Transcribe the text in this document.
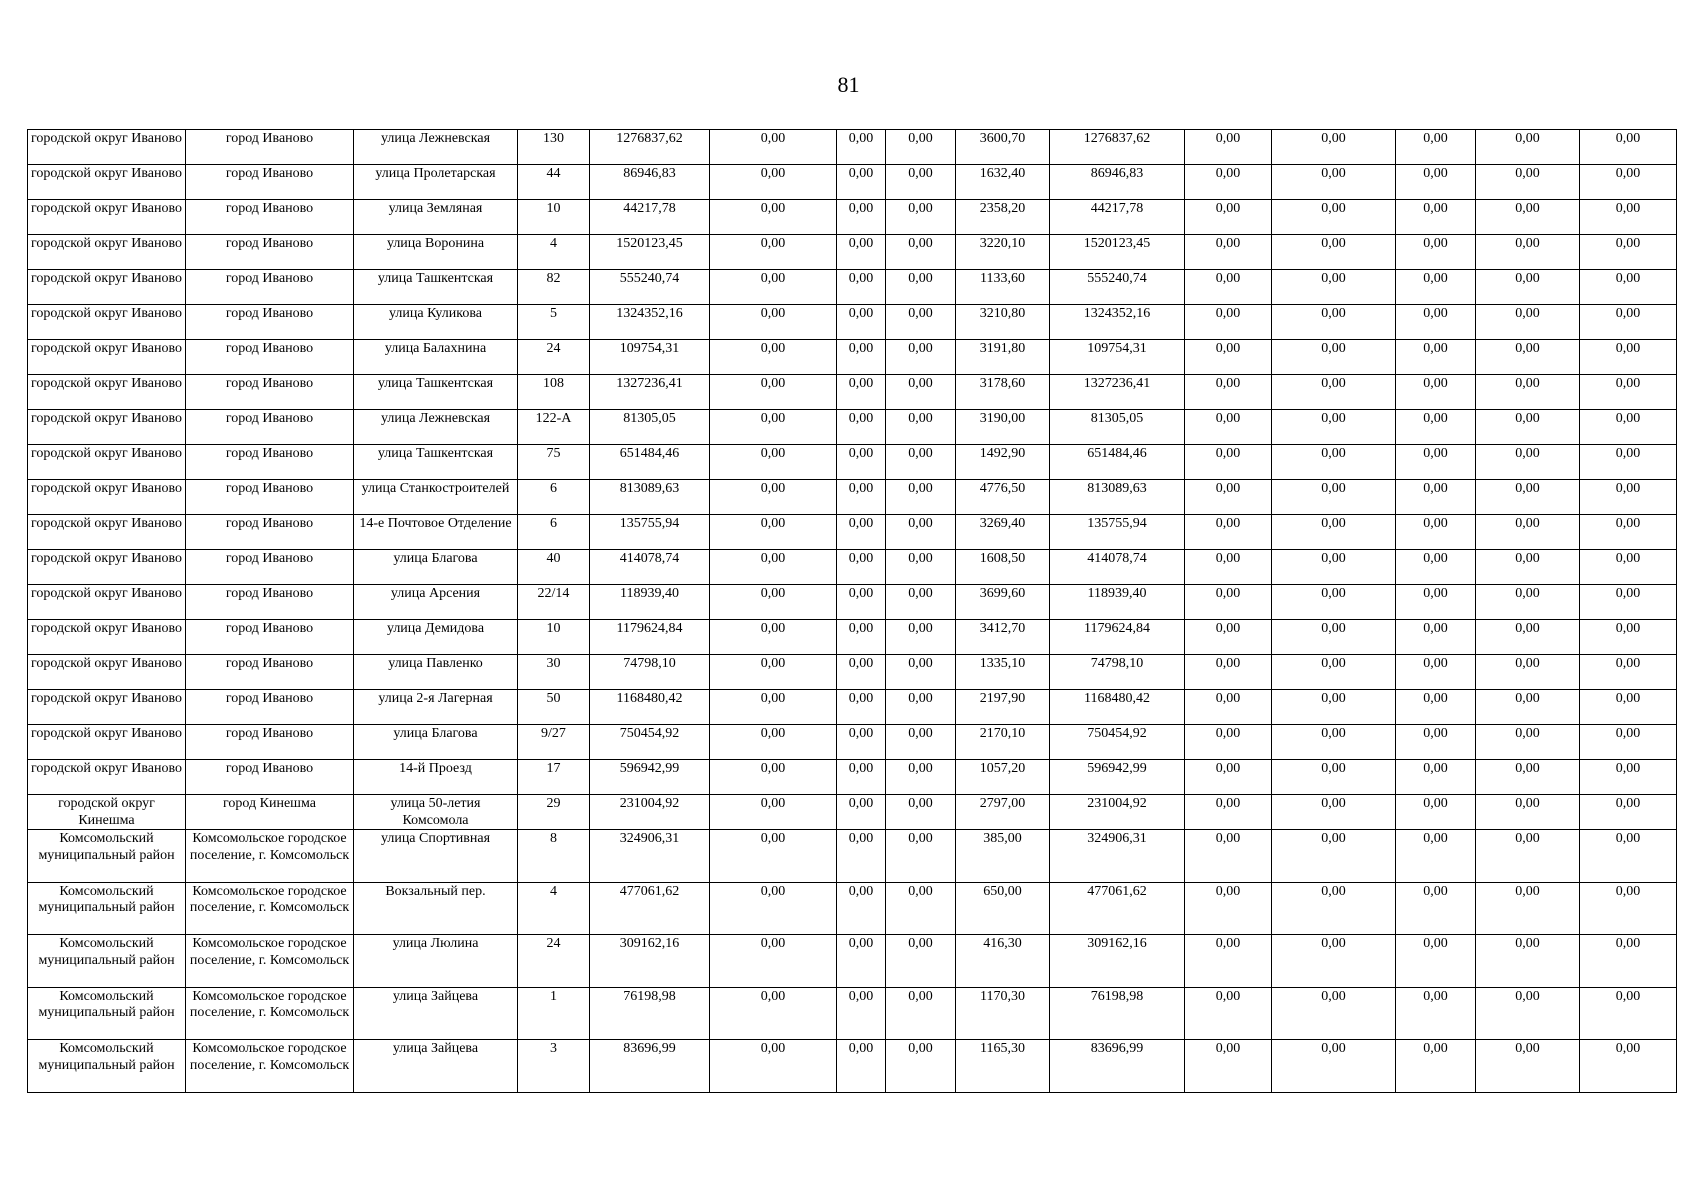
81
городской округ Иваново	город Иваново	улица Лежневская	130	1276837,62	0,00	0,00	0,00	3600,70	1276837,62	0,00	0,00	0,00	0,00	0,00
городской округ Иваново	город Иваново	улица Пролетарская	44	86946,83	0,00	0,00	0,00	1632,40	86946,83	0,00	0,00	0,00	0,00	0,00
городской округ Иваново	город Иваново	улица Земляная	10	44217,78	0,00	0,00	0,00	2358,20	44217,78	0,00	0,00	0,00	0,00	0,00
городской округ Иваново	город Иваново	улица Воронина	4	1520123,45	0,00	0,00	0,00	3220,10	1520123,45	0,00	0,00	0,00	0,00	0,00
городской округ Иваново	город Иваново	улица Ташкентская	82	555240,74	0,00	0,00	0,00	1133,60	555240,74	0,00	0,00	0,00	0,00	0,00
городской округ Иваново	город Иваново	улица Куликова	5	1324352,16	0,00	0,00	0,00	3210,80	1324352,16	0,00	0,00	0,00	0,00	0,00
городской округ Иваново	город Иваново	улица Балахнина	24	109754,31	0,00	0,00	0,00	3191,80	109754,31	0,00	0,00	0,00	0,00	0,00
городской округ Иваново	город Иваново	улица Ташкентская	108	1327236,41	0,00	0,00	0,00	3178,60	1327236,41	0,00	0,00	0,00	0,00	0,00
городской округ Иваново	город Иваново	улица Лежневская	122-А	81305,05	0,00	0,00	0,00	3190,00	81305,05	0,00	0,00	0,00	0,00	0,00
городской округ Иваново	город Иваново	улица Ташкентская	75	651484,46	0,00	0,00	0,00	1492,90	651484,46	0,00	0,00	0,00	0,00	0,00
городской округ Иваново	город Иваново	улица Станкостроителей	6	813089,63	0,00	0,00	0,00	4776,50	813089,63	0,00	0,00	0,00	0,00	0,00
городской округ Иваново	город Иваново	14-е Почтовое Отделение	6	135755,94	0,00	0,00	0,00	3269,40	135755,94	0,00	0,00	0,00	0,00	0,00
городской округ Иваново	город Иваново	улица Благова	40	414078,74	0,00	0,00	0,00	1608,50	414078,74	0,00	0,00	0,00	0,00	0,00
городской округ Иваново	город Иваново	улица Арсения	22/14	118939,40	0,00	0,00	0,00	3699,60	118939,40	0,00	0,00	0,00	0,00	0,00
городской округ Иваново	город Иваново	улица Демидова	10	1179624,84	0,00	0,00	0,00	3412,70	1179624,84	0,00	0,00	0,00	0,00	0,00
городской округ Иваново	город Иваново	улица Павленко	30	74798,10	0,00	0,00	0,00	1335,10	74798,10	0,00	0,00	0,00	0,00	0,00
городской округ Иваново	город Иваново	улица 2-я Лагерная	50	1168480,42	0,00	0,00	0,00	2197,90	1168480,42	0,00	0,00	0,00	0,00	0,00
городской округ Иваново	город Иваново	улица Благова	9/27	750454,92	0,00	0,00	0,00	2170,10	750454,92	0,00	0,00	0,00	0,00	0,00
городской округ Иваново	город Иваново	14-й Проезд	17	596942,99	0,00	0,00	0,00	1057,20	596942,99	0,00	0,00	0,00	0,00	0,00
городской округ Кинешма	город Кинешма	улица 50-летия Комсомола	29	231004,92	0,00	0,00	0,00	2797,00	231004,92	0,00	0,00	0,00	0,00	0,00
Комсомольский муниципальный район	Комсомольское городское поселение, г. Комсомольск	улица Спортивная	8	324906,31	0,00	0,00	0,00	385,00	324906,31	0,00	0,00	0,00	0,00	0,00
Комсомольский муниципальный район	Комсомольское городское поселение, г. Комсомольск	Вокзальный пер.	4	477061,62	0,00	0,00	0,00	650,00	477061,62	0,00	0,00	0,00	0,00	0,00
Комсомольский муниципальный район	Комсомольское городское поселение, г. Комсомольск	улица Люлина	24	309162,16	0,00	0,00	0,00	416,30	309162,16	0,00	0,00	0,00	0,00	0,00
Комсомольский муниципальный район	Комсомольское городское поселение, г. Комсомольск	улица Зайцева	1	76198,98	0,00	0,00	0,00	1170,30	76198,98	0,00	0,00	0,00	0,00	0,00
Комсомольский муниципальный район	Комсомольское городское поселение, г. Комсомольск	улица Зайцева	3	83696,99	0,00	0,00	0,00	1165,30	83696,99	0,00	0,00	0,00	0,00	0,00
